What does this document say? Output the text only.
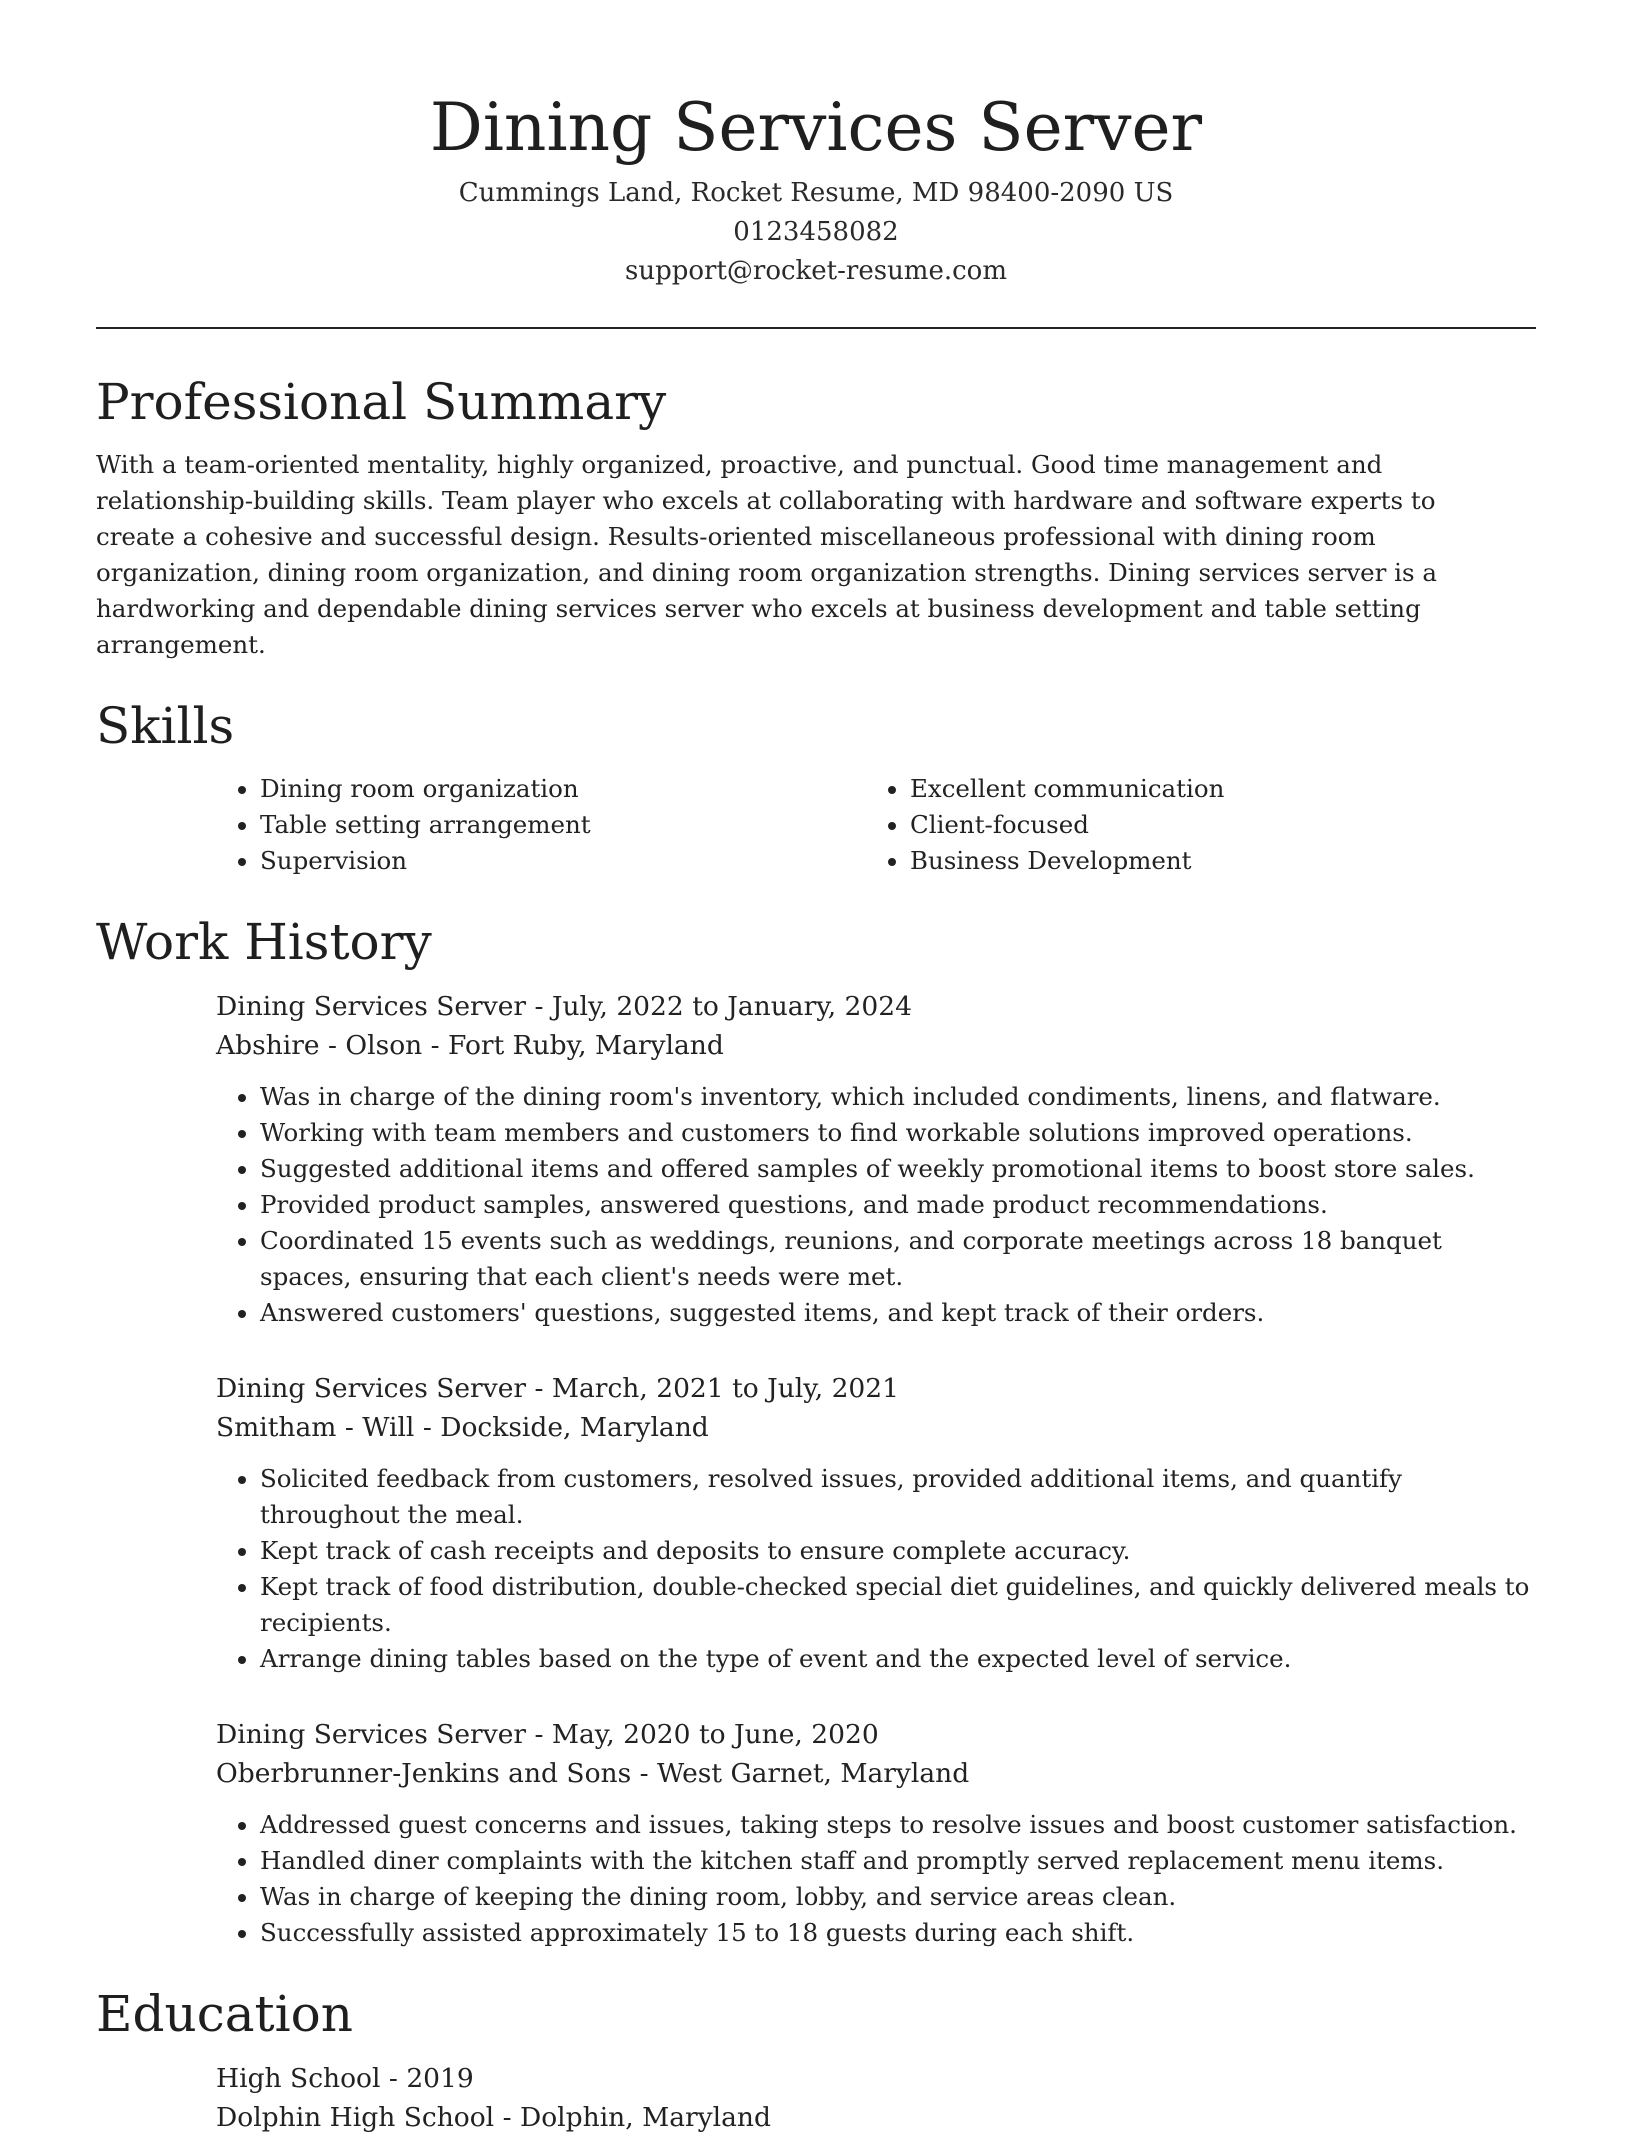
Dining Services Server
Cummings Land, Rocket Resume, MD 98400-2090 US
0123458082
support@rocket-resume.com
Professional Summary

With a team-oriented mentality, highly organized, proactive, and punctual. Good time management and relationship-building skills. Team player who excels at collaborating with hardware and software experts to create a cohesive and successful design. Results-oriented miscellaneous professional with dining room organization, dining room organization, and dining room organization strengths. Dining services server is a hardworking and dependable dining services server who excels at business development and table setting arrangement.

Skills
• Dining room organization
• Table setting arrangement
• Supervision
• Excellent communication
• Client-focused
• Business Development
Work History
Dining Services Server - July, 2022 to January, 2024
Abshire - Olson - Fort Ruby, Maryland
• Was in charge of the dining room's inventory, which included condiments, linens, and flatware.
• Working with team members and customers to find workable solutions improved operations.
• Suggested additional items and offered samples of weekly promotional items to boost store sales.
• Provided product samples, answered questions, and made product recommendations.
• Coordinated 15 events such as weddings, reunions, and corporate meetings across 18 banquet spaces, ensuring that each client's needs were met.
• Answered customers' questions, suggested items, and kept track of their orders.
Dining Services Server - March, 2021 to July, 2021
Smitham - Will - Dockside, Maryland
• Solicited feedback from customers, resolved issues, provided additional items, and quantify throughout the meal.
• Kept track of cash receipts and deposits to ensure complete accuracy.
• Kept track of food distribution, double-checked special diet guidelines, and quickly delivered meals to recipients.
• Arrange dining tables based on the type of event and the expected level of service.
Dining Services Server - May, 2020 to June, 2020
Oberbrunner-Jenkins and Sons - West Garnet, Maryland
• Addressed guest concerns and issues, taking steps to resolve issues and boost customer satisfaction.
• Handled diner complaints with the kitchen staff and promptly served replacement menu items.
• Was in charge of keeping the dining room, lobby, and service areas clean.
• Successfully assisted approximately 15 to 18 guests during each shift.
Education
High School - 2019
Dolphin High School - Dolphin, Maryland
